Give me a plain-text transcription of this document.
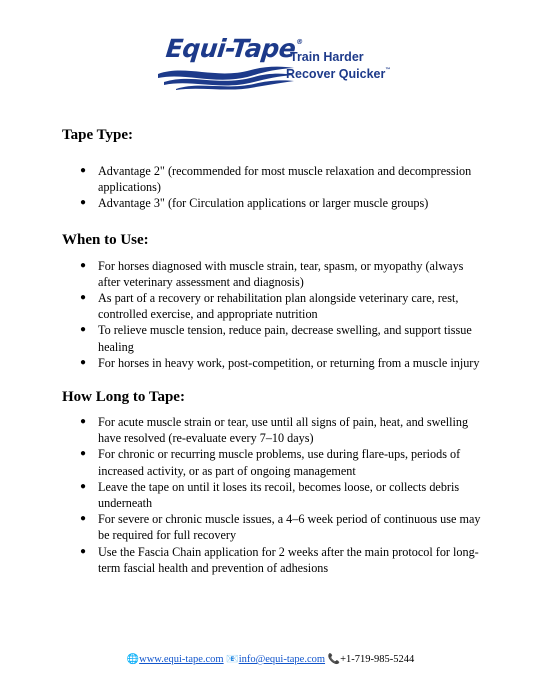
Equi-Tape®
Train Harder
Recover Quicker™
Tape Type:
● Advantage 2" (recommended for most muscle relaxation and decompression applications)
● Advantage 3" (for Circulation applications or larger muscle groups)
When to Use:
● For horses diagnosed with muscle strain, tear, spasm, or myopathy (always after veterinary assessment and diagnosis)
● As part of a recovery or rehabilitation plan alongside veterinary care, rest, controlled exercise, and appropriate nutrition
● To relieve muscle tension, reduce pain, decrease swelling, and support tissue healing
● For horses in heavy work, post-competition, or returning from a muscle injury
How Long to Tape:
● For acute muscle strain or tear, use until all signs of pain, heat, and swelling have resolved (re-evaluate every 7–10 days)
● For chronic or recurring muscle problems, use during flare-ups, periods of increased activity, or as part of ongoing management
● Leave the tape on until it loses its recoil, becomes loose, or collects debris underneath
● For severe or chronic muscle issues, a 4–6 week period of continuous use may be required for full recovery
● Use the Fascia Chain application for 2 weeks after the main protocol for long-term fascial health and prevention of adhesions
🌐www.equi-tape.com 📧info@equi-tape.com 📞+1-719-985-5244
